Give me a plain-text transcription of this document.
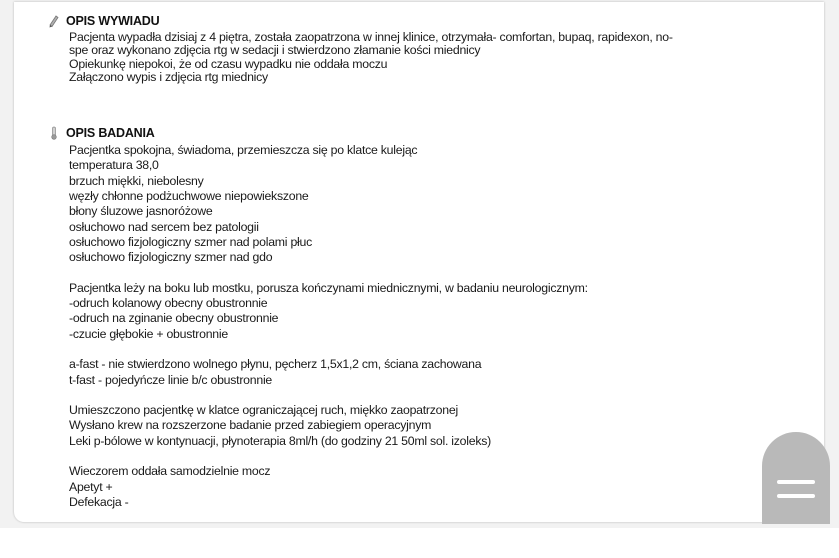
OPIS WYWIADU
Pacjenta wypadła dzisiaj z 4 piętra, została zaopatrzona w innej klinice, otrzymała- comfortan, bupaq, rapidexon, no-
spe oraz wykonano zdjęcia rtg w sedacji i stwierdzono złamanie kości miednicy
Opiekunkę niepokoi, że od czasu wypadku nie oddała moczu
Załączono wypis i zdjęcia rtg miednicy
OPIS BADANIA
Pacjentka spokojna, świadoma, przemieszcza się po klatce kulejąc
temperatura 38,0
brzuch miękki, niebolesny
węzły chłonne podżuchwowe niepowiekszone
błony śluzowe jasnoróżowe
osłuchowo nad sercem bez patologii
osłuchowo fizjologiczny szmer nad polami płuc
osłuchowo fizjologiczny szmer nad gdo
Pacjentka leży na boku lub mostku, porusza kończynami miednicznymi, w badaniu neurologicznym:
-odruch kolanowy obecny obustronnie
-odruch na zginanie obecny obustronnie
-czucie głębokie + obustronnie
a-fast - nie stwierdzono wolnego płynu, pęcherz 1,5x1,2 cm, ściana zachowana
t-fast - pojedyńcze linie b/c obustronnie
Umieszczono pacjentkę w klatce ograniczającej ruch, miękko zaopatrzonej
Wysłano krew na rozszerzone badanie przed zabiegiem operacyjnym
Leki p-bólowe w kontynuacji, płynoterapia 8ml/h (do godziny 21 50ml sol. izoleks)
Wieczorem oddała samodzielnie mocz
Apetyt +
Defekacja -
